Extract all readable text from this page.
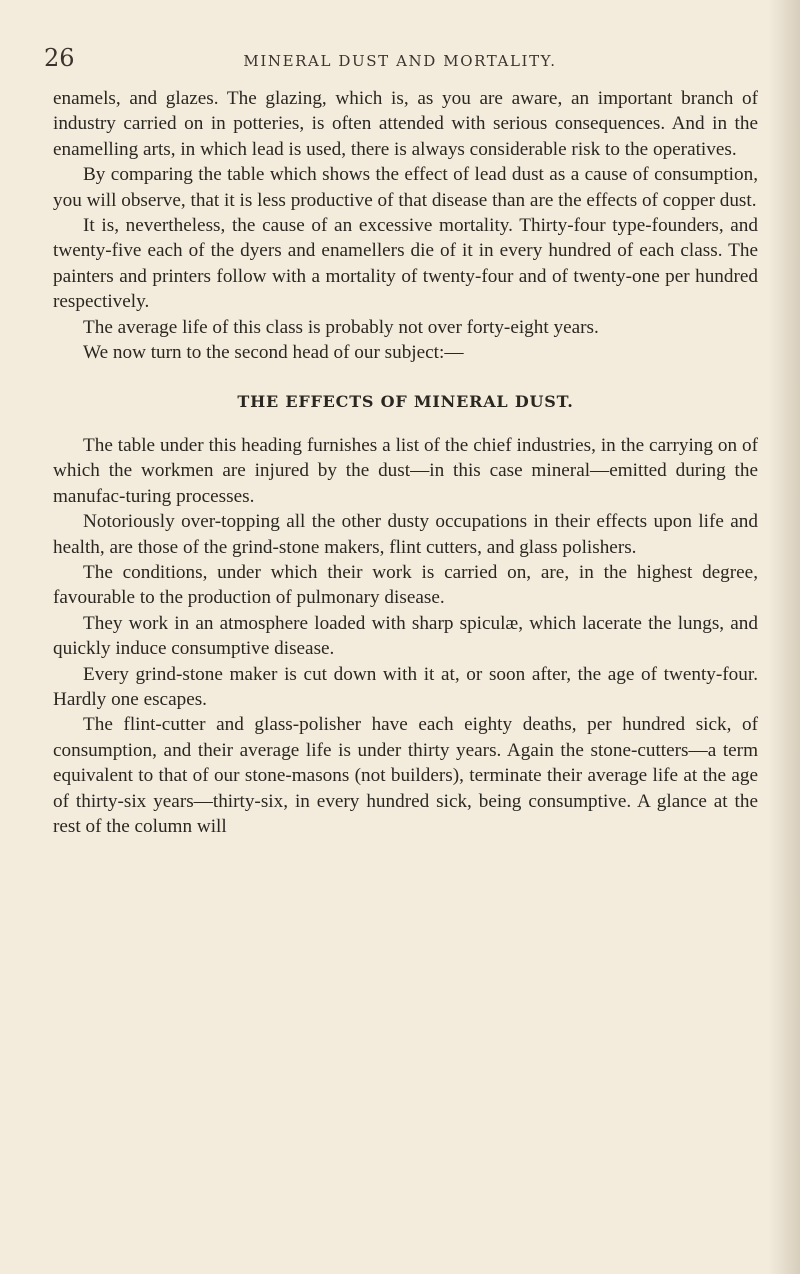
26	MINERAL DUST AND MORTALITY.

enamels, and glazes. The glazing, which is, as you are aware, an important branch of industry carried on in potteries, is often attended with serious consequences. And in the enamelling arts, in which lead is used, there is always considerable risk to the operatives.

By comparing the table which shows the effect of lead dust as a cause of consumption, you will observe, that it is less productive of that disease than are the effects of copper dust.

It is, nevertheless, the cause of an excessive mortality. Thirty-four type-founders, and twenty-five each of the dyers and enamellers die of it in every hundred of each class. The painters and printers follow with a mortality of twenty-four and of twenty-one per hundred respectively.

The average life of this class is probably not over forty-eight years.

We now turn to the second head of our subject:—

THE EFFECTS OF MINERAL DUST.

The table under this heading furnishes a list of the chief industries, in the carrying on of which the workmen are injured by the dust—in this case mineral—emitted during the manufac-turing processes.

Notoriously over-topping all the other dusty occupations in their effects upon life and health, are those of the grind-stone makers, flint cutters, and glass polishers.

The conditions, under which their work is carried on, are, in the highest degree, favourable to the production of pulmonary disease.

They work in an atmosphere loaded with sharp spiculæ, which lacerate the lungs, and quickly induce consumptive disease.

Every grind-stone maker is cut down with it at, or soon after, the age of twenty-four. Hardly one escapes.

The flint-cutter and glass-polisher have each eighty deaths, per hundred sick, of consumption, and their average life is under thirty years. Again the stone-cutters—a term equivalent to that of our stone-masons (not builders), terminate their average life at the age of thirty-six years—thirty-six, in every hundred sick, being consumptive. A glance at the rest of the column will
